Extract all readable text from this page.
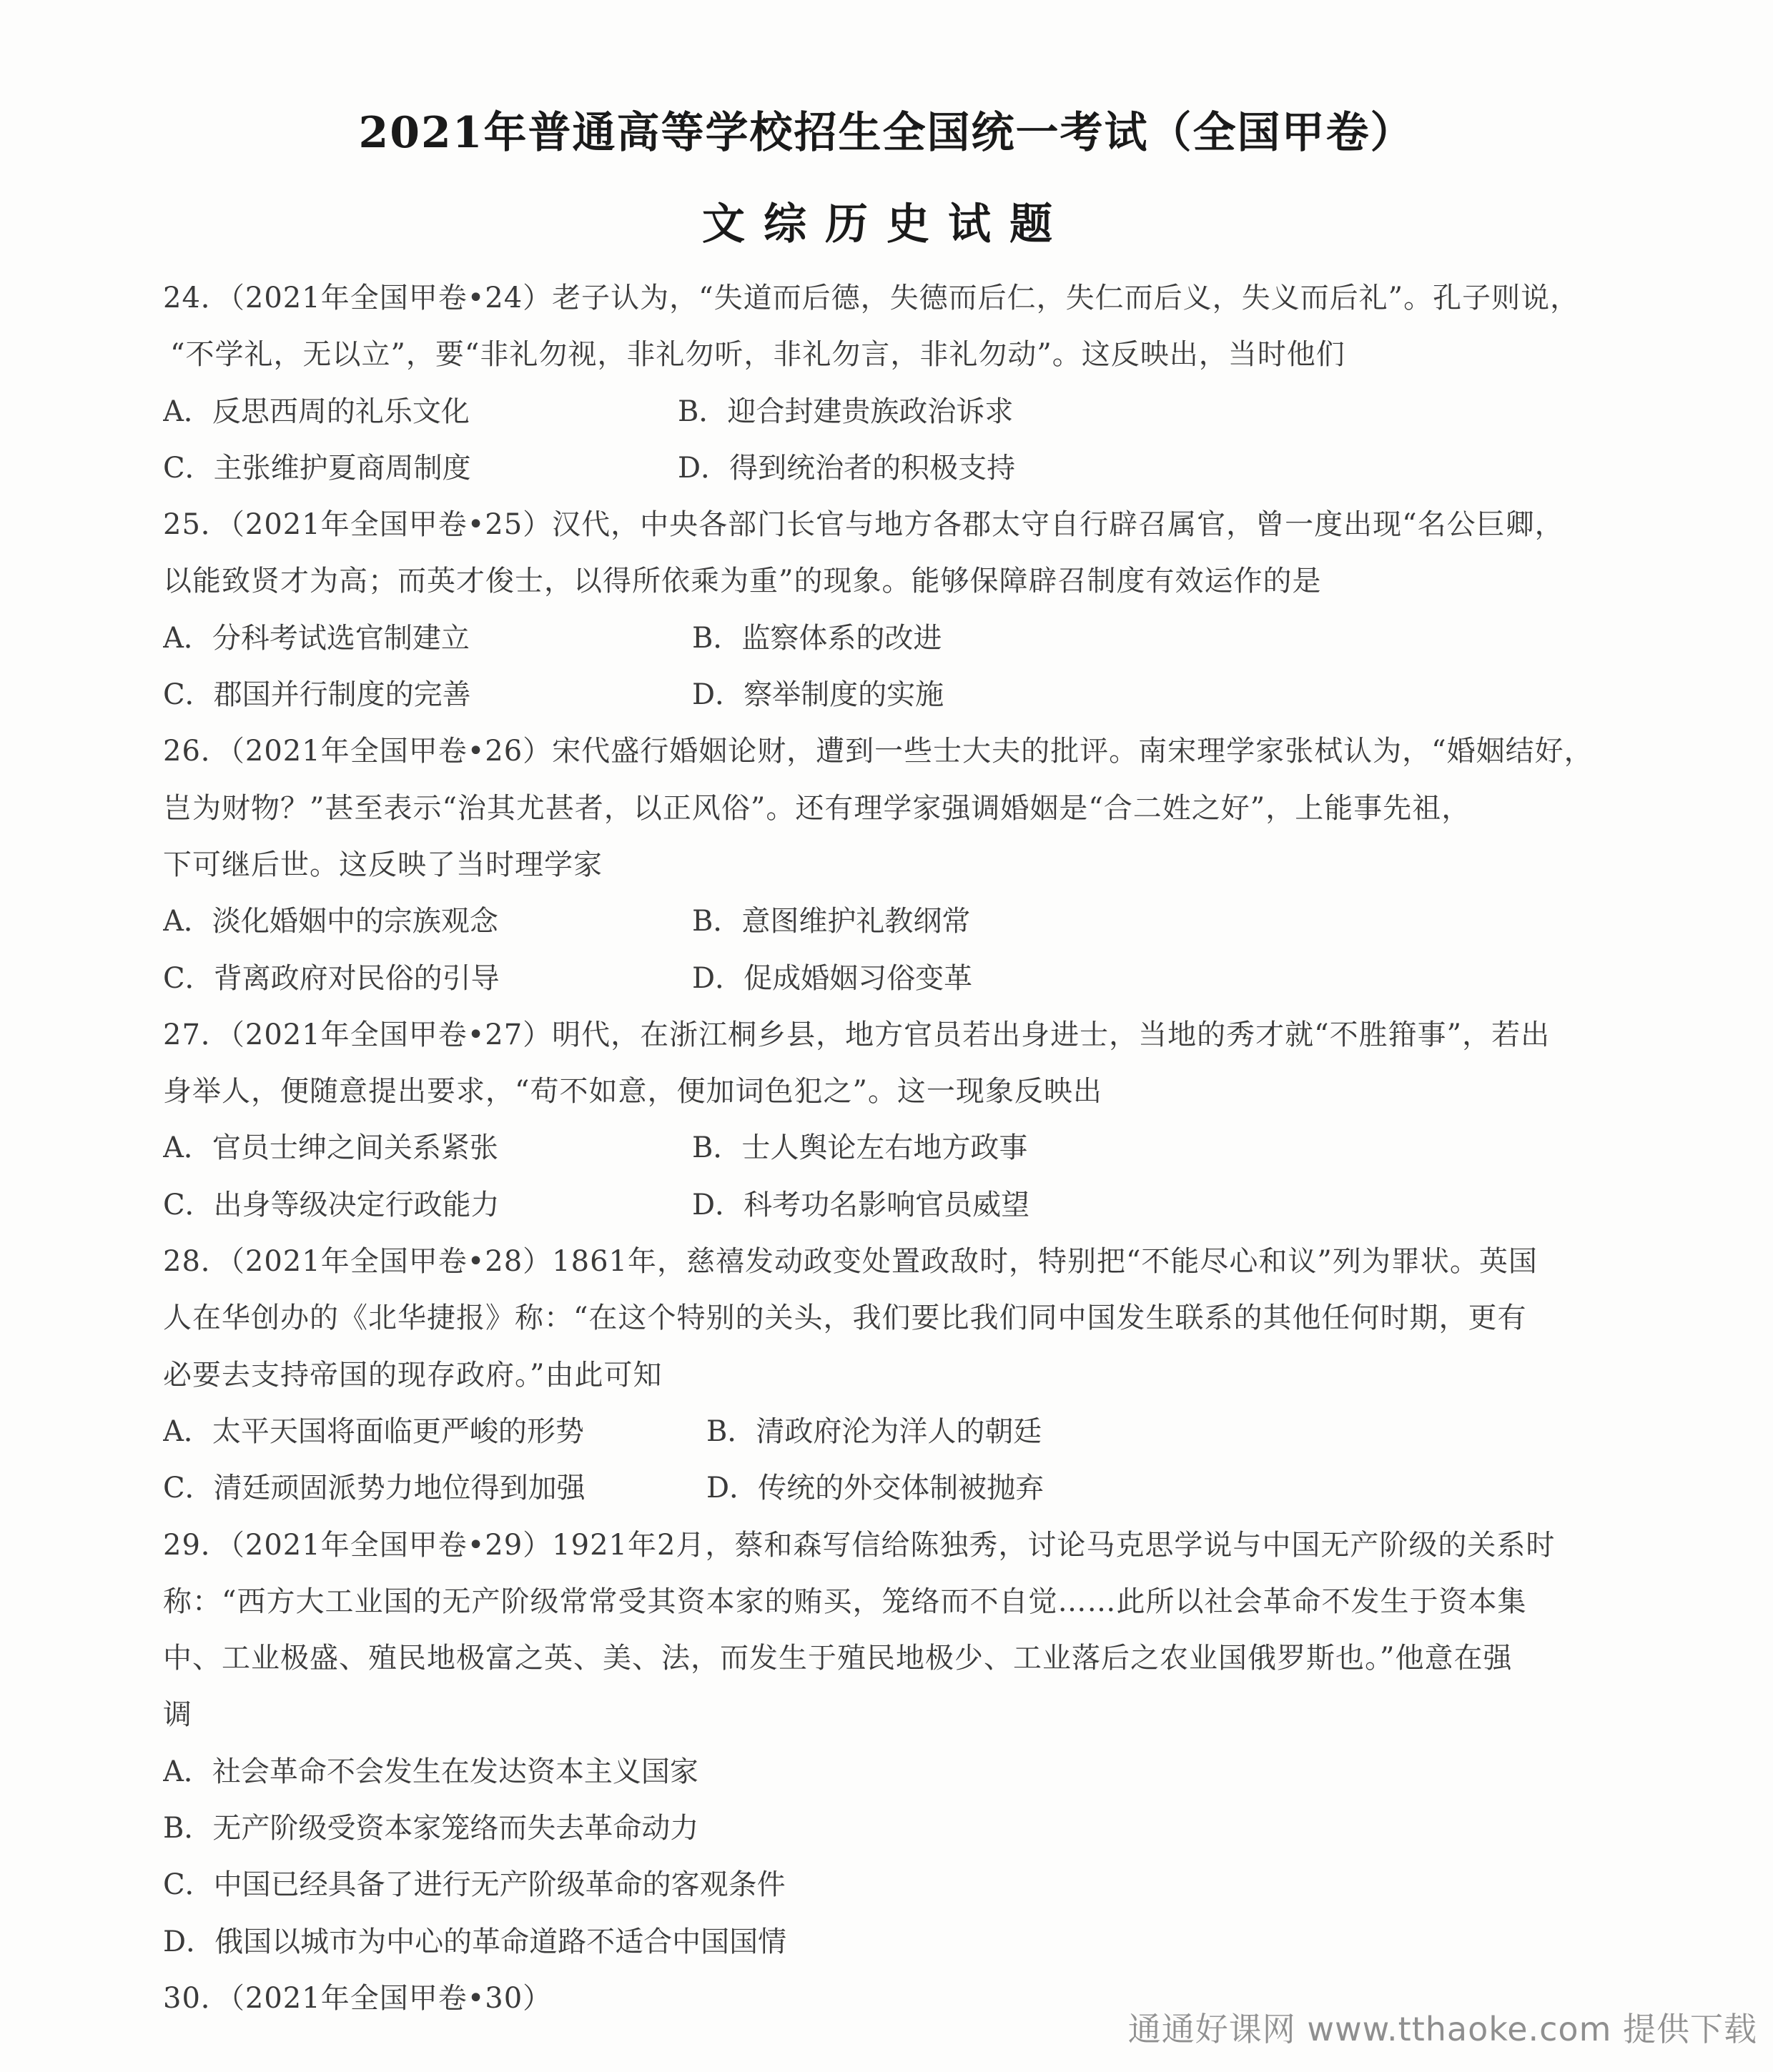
2021年普通高等学校招生全国统一考试（全国甲卷）
文综历史试题
24．（2021年全国甲卷•24）老子认为，“失道而后德，失德而后仁，失仁而后义，失义而后礼”。孔子则说，
“不学礼，无以立”，要“非礼勿视，非礼勿听，非礼勿言，非礼勿动”。这反映出，当时他们
A．反思西周的礼乐文化	B．迎合封建贵族政治诉求
C．主张维护夏商周制度	D．得到统治者的积极支持
25．（2021年全国甲卷•25）汉代，中央各部门长官与地方各郡太守自行辟召属官，曾一度出现“名公巨卿，
以能致贤才为高；而英才俊士，以得所依乘为重”的现象。能够保障辟召制度有效运作的是
A．分科考试选官制建立	B．监察体系的改进
C．郡国并行制度的完善	D．察举制度的实施
26．（2021年全国甲卷•26）宋代盛行婚姻论财，遭到一些士大夫的批评。南宋理学家张栻认为，“婚姻结好，
岂为财物？”甚至表示“治其尤甚者，以正风俗”。还有理学家强调婚姻是“合二姓之好”，上能事先祖，
下可继后世。这反映了当时理学家
A．淡化婚姻中的宗族观念	B．意图维护礼教纲常
C．背离政府对民俗的引导	D．促成婚姻习俗变革
27．（2021年全国甲卷•27）明代，在浙江桐乡县，地方官员若出身进士，当地的秀才就“不胜箝事”，若出
身举人，便随意提出要求，“苟不如意，便加词色犯之”。这一现象反映出
A．官员士绅之间关系紧张	B．士人舆论左右地方政事
C．出身等级决定行政能力	D．科考功名影响官员威望
28．（2021年全国甲卷•28）1861年，慈禧发动政变处置政敌时，特别把“不能尽心和议”列为罪状。英国
人在华创办的《北华捷报》称：“在这个特别的关头，我们要比我们同中国发生联系的其他任何时期，更有
必要去支持帝国的现存政府。”由此可知
A．太平天国将面临更严峻的形势	B．清政府沦为洋人的朝廷
C．清廷顽固派势力地位得到加强	D．传统的外交体制被抛弃
29．（2021年全国甲卷•29）1921年2月，蔡和森写信给陈独秀，讨论马克思学说与中国无产阶级的关系时
称：“西方大工业国的无产阶级常常受其资本家的贿买，笼络而不自觉……此所以社会革命不发生于资本集
中、工业极盛、殖民地极富之英、美、法，而发生于殖民地极少、工业落后之农业国俄罗斯也。”他意在强
调
A．社会革命不会发生在发达资本主义国家
B．无产阶级受资本家笼络而失去革命动力
C．中国已经具备了进行无产阶级革命的客观条件
D．俄国以城市为中心的革命道路不适合中国国情
30．（2021年全国甲卷•30）
通通好课网 www.tthaoke.com 提供下载
